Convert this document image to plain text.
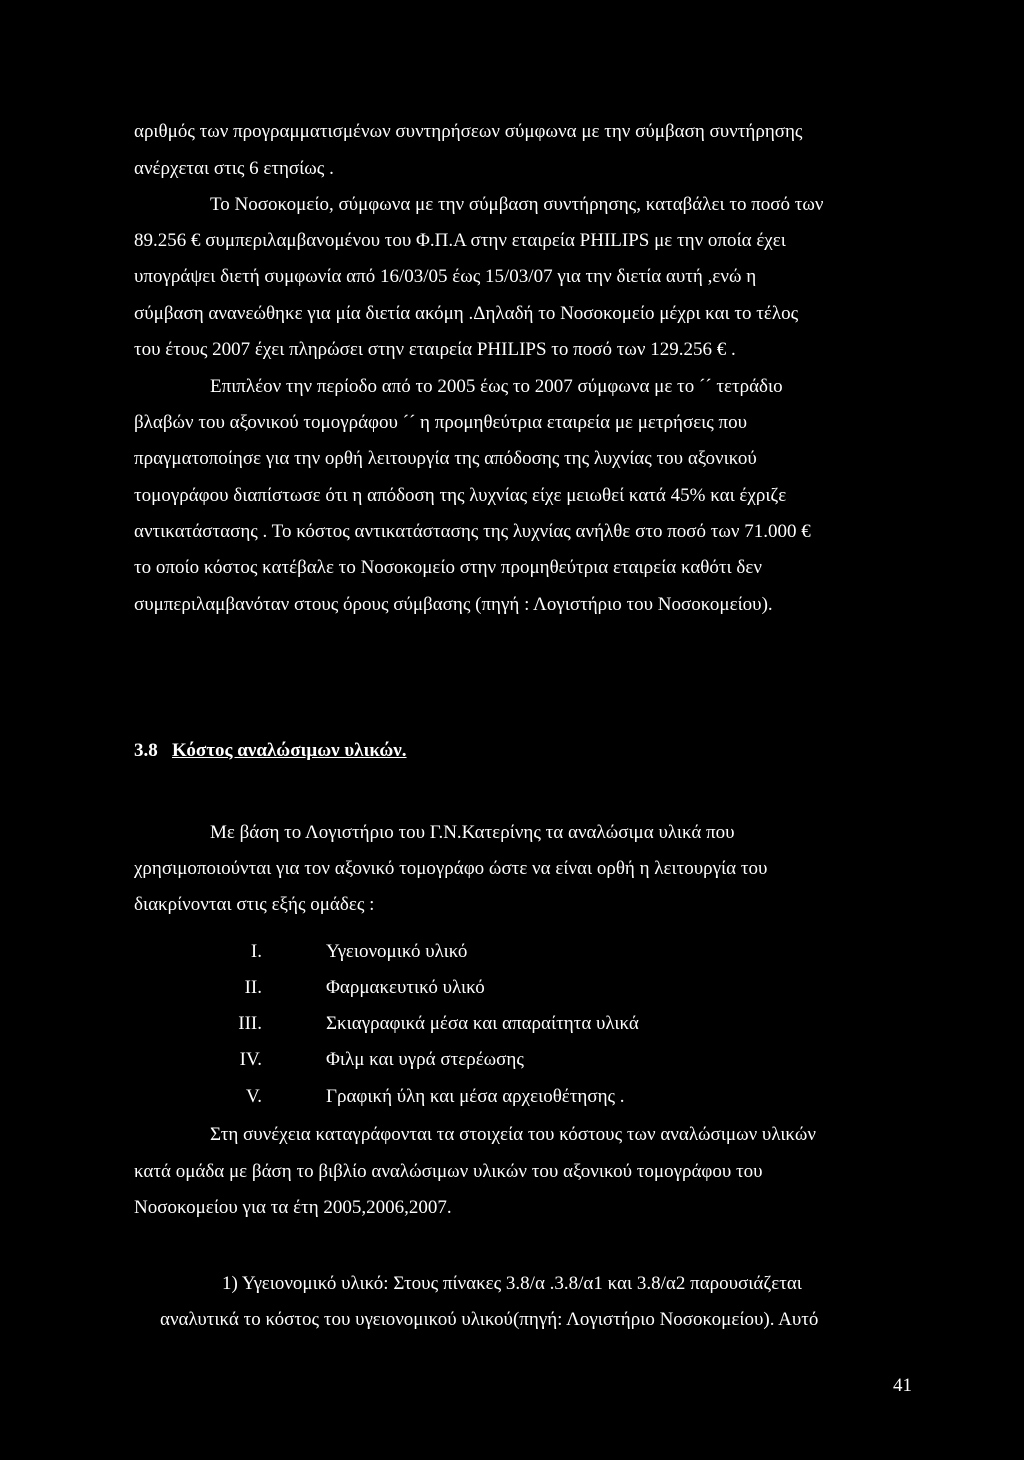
αριθμός των προγραμματισμένων συντηρήσεων σύμφωνα με την σύμβαση συντήρησης
ανέρχεται στις 6 ετησίως .
Το Νοσοκομείο, σύμφωνα με την σύμβαση συντήρησης, καταβάλει το ποσό των
89.256 € συμπεριλαμβανομένου του Φ.Π.Α στην εταιρεία PHILIPS με την οποία έχει
υπογράψει διετή συμφωνία από 16/03/05 έως 15/03/07 για την διετία αυτή ,ενώ η
σύμβαση ανανεώθηκε για μία διετία ακόμη .Δηλαδή το Νοσοκομείο μέχρι και το τέλος
του έτους 2007 έχει πληρώσει στην εταιρεία PHILIPS το ποσό των 129.256 € .
Επιπλέον την περίοδο από το 2005 έως το 2007 σύμφωνα με το ´´ τετράδιο
βλαβών του αξονικού τομογράφου ´´ η προμηθεύτρια εταιρεία με μετρήσεις που
πραγματοποίησε για την ορθή λειτουργία της απόδοσης της λυχνίας του αξονικού
τομογράφου διαπίστωσε ότι η απόδοση της λυχνίας είχε μειωθεί κατά 45% και έχριζε
αντικατάστασης . Το κόστος αντικατάστασης της λυχνίας ανήλθε στο ποσό των 71.000 €
το οποίο κόστος κατέβαλε το Νοσοκομείο στην προμηθεύτρια εταιρεία καθότι δεν
συμπεριλαμβανόταν στους όρους σύμβασης (πηγή : Λογιστήριο του Νοσοκομείου).
3.8 Κόστος αναλώσιμων υλικών.
Με βάση το Λογιστήριο του Γ.Ν.Κατερίνης τα αναλώσιμα υλικά που
χρησιμοποιούνται για τον αξονικό τομογράφο ώστε να είναι ορθή η λειτουργία του
διακρίνονται στις εξής ομάδες :
I.	Υγειονομικό υλικό
II.	Φαρμακευτικό υλικό
III.	Σκιαγραφικά μέσα και απαραίτητα υλικά
IV.	Φιλμ και υγρά στερέωσης
V.	Γραφική ύλη και μέσα αρχειοθέτησης .
Στη συνέχεια καταγράφονται τα στοιχεία του κόστους των αναλώσιμων υλικών
κατά ομάδα με βάση το βιβλίο αναλώσιμων υλικών του αξονικού τομογράφου του
Νοσοκομείου για τα έτη 2005,2006,2007.
1) Υγειονομικό υλικό: Στους πίνακες 3.8/α .3.8/α1 και 3.8/α2 παρουσιάζεται
αναλυτικά το κόστος του υγειονομικού υλικού(πηγή: Λογιστήριο Νοσοκομείου). Αυτό
41
